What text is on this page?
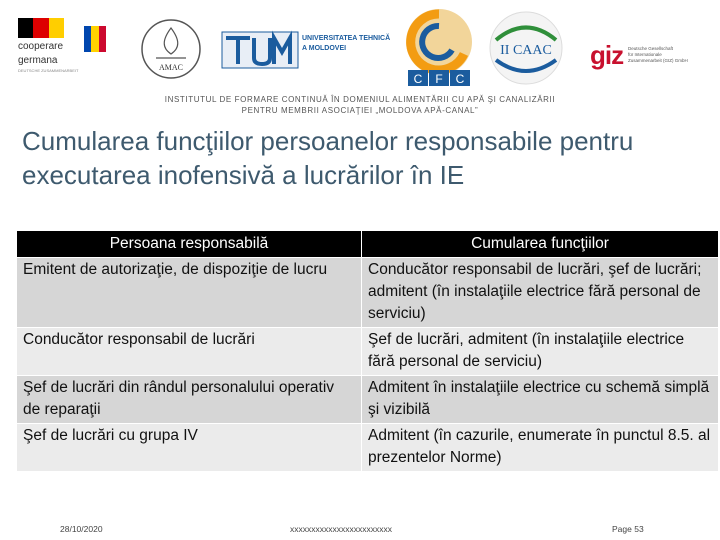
cooperare
germana
DEUTSCHE ZUSAMMENARBEIT	AMAC
UNIVERSITATEA TEHNICĂ
A MOLDOVEI
C F C
II CAAC giz Deutsche Gesellschaft
für Internationale
Zusammenarbeit (GIZ) GmbH
INSTITUTUL DE FORMARE CONTINUĂ ÎN DOMENIUL ALIMENTĂRII CU APĂ ŞI CANALIZĂRII
PENTRU MEMBRII ASOCIAŢIEI „MOLDOVA APĂ-CANAL”
Cumularea funcţiilor persoanelor responsabile pentru
executarea inofensivă a lucrărilor în IE
Persoana responsabilă	Cumularea funcţiilor
Emitent de autorizaţie, de dispoziţie de lucru	Conducător responsabil de lucrări, şef de lucrări;
admitent (în instalaţiile electrice fără personal de serviciu)

Conducător responsabil de lucrări	Şef de lucrări, admitent (în instalaţiile electrice fără personal de serviciu)

Şef de lucrări din rândul personalului operativ de reparaţii	Admitent în instalaţiile electrice cu schemă simplă şi vizibilă

Şef de lucrări cu grupa IV	Admitent (în cazurile, enumerate în punctul 8.5. al prezentelor Norme)
28/10/2020	xxxxxxxxxxxxxxxxxxxxxxxx	Page 53
